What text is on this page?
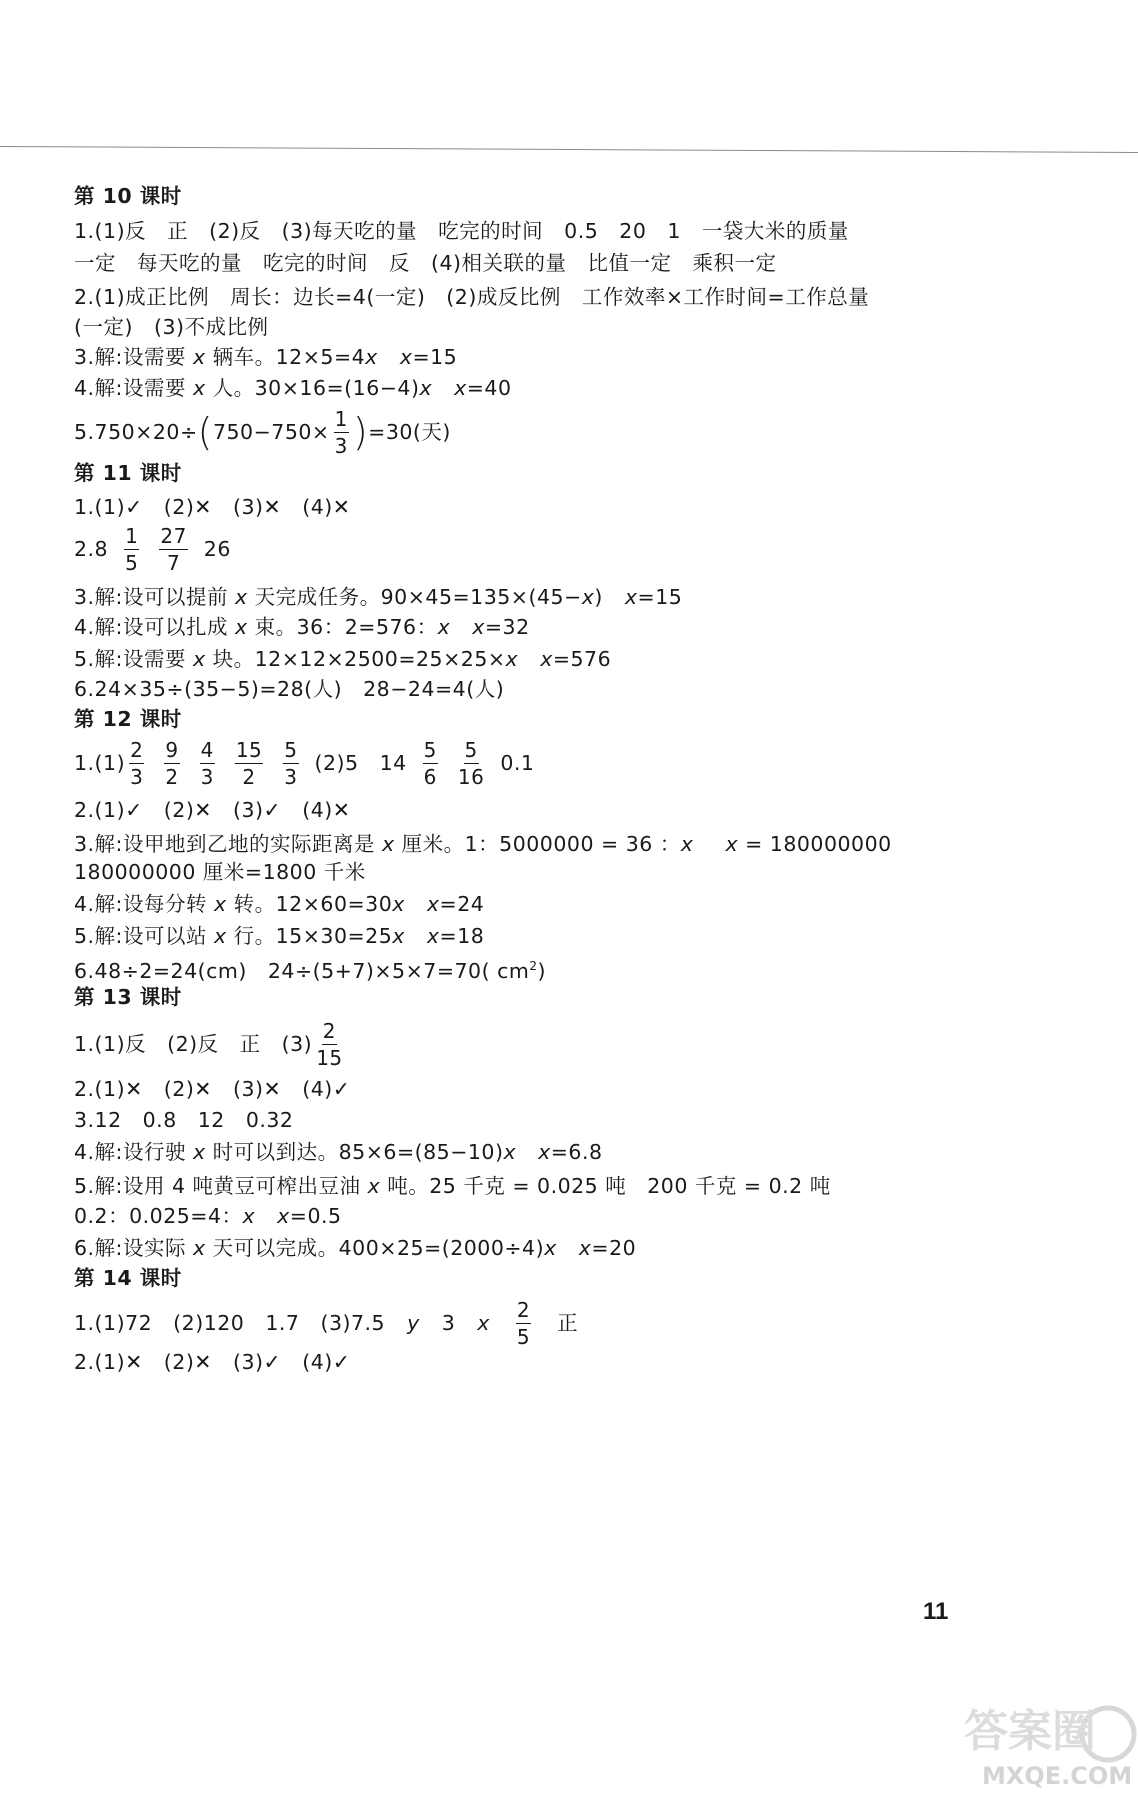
第 10 课时
1.(1)反　正　(2)反　(3)每天吃的量　吃完的时间　0.5　20　1　一袋大米的质量
一定　每天吃的量　吃完的时间　反　(4)相关联的量　比值一定　乘积一定
2.(1)成正比例　周长：边长=4(一定)　(2)成反比例　工作效率×工作时间=工作总量
(一定)　(3)不成比例
3.解:设需要 x 辆车。12×5=4x x=15
4.解:设需要 x 人。30×16=(16−4)x x=40
5.750×20÷ ( $750-750\times \frac{1}{3}$ ) =30(天)
第 11 课时
1.(1)✓　(2)✕　(3)✕　(4)✕
$2.8 \frac{1}{5} \frac{27}{7} 26$
3.解:设可以提前 x 天完成任务。90×45=135×(45−x) x=15
4.解:设可以扎成 x 束。36：2=576：x x=32
5.解:设需要 x 块。12×12×2500=25×25×x x=576
6.24×35÷(35−5)=28(人)　28−24=4(人)
第 12 课时
$1.(1) \frac{2}{3} \frac{9}{2} \frac{4}{3} \frac{15}{2} \frac{5}{3} (2)5$　$14 \frac{5}{6} \frac{5}{16} 0.1$
2.(1)✓　(2)✕　(3)✓　(4)✕
3.解:设甲地到乙地的实际距离是 x 厘米。1：5000000 = 36 ：x x = 180000000
180000000 厘米=1800 千米
4.解:设每分转 x 转。12×60=30x x=24
5.解:设可以站 x 行。15×30=25x x=18
6.48÷2=24(cm)　24÷(5+7)×5×7=70( $cm^2$)
第 13 课时
1.(1)反　(2)反　正　$(3) \frac{2}{15}$
2.(1)✕　(2)✕　(3)✕　(4)✓
3.12　0.8　12　0.32
4.解:设行驶 x 时可以到达。85×6=(85−10)x x=6.8
5.解:设用 4 吨黄豆可榨出豆油 x 吨。25 千克 = 0.025 吨　200 千克 = 0.2 吨
0.2：0.025=4：x x=0.5
6.解:设实际 x 天可以完成。400×25=(2000÷4)x x=20
第 14 课时
1.(1)72　(2)120　1.7　(3)7.5 y 3 x $\frac{2}{5}$ 正
2.(1)✕　(2)✕　(3)✓　(4)✓
11
答案圈
MXQE.COM
